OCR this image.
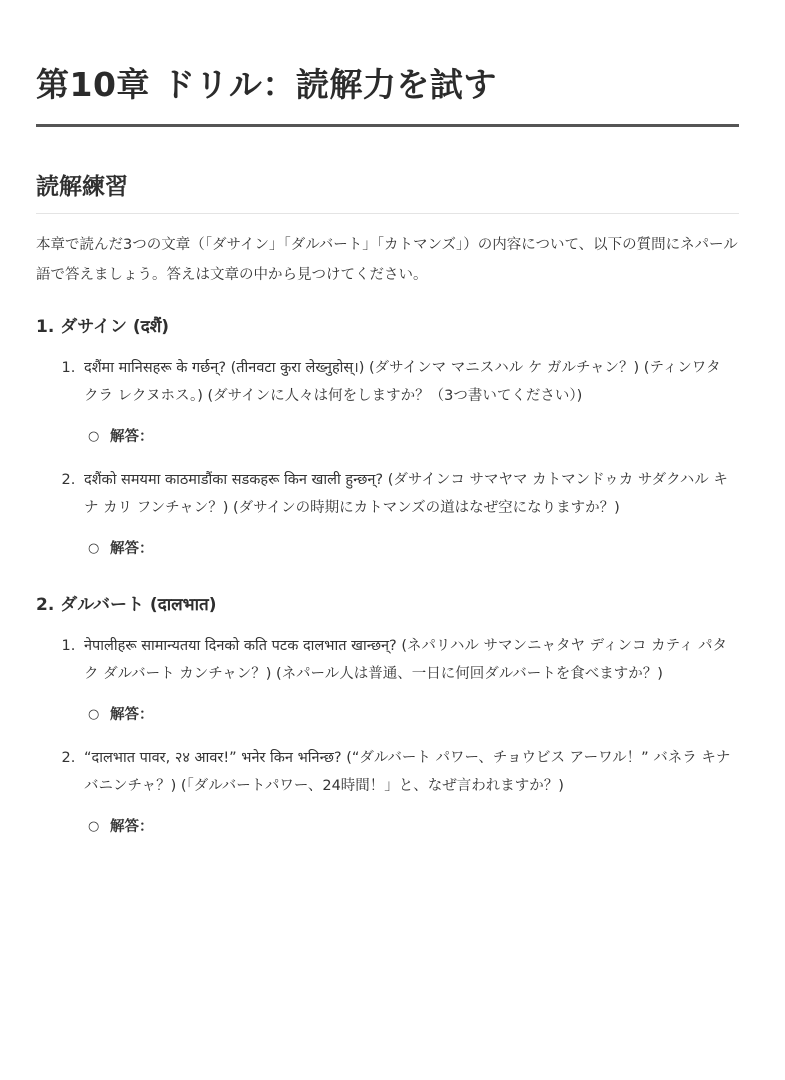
第10章 ドリル：読解力を試す
読解練習

本章で読んだ3つの文章（「ダサイン」「ダルバート」「カトマンズ」）の内容について、以下の質問にネパール語で答えましょう。答えは文章の中から見つけてください。

1. ダサイン (दशैं)
1. दशैंमा मानिसहरू के गर्छन्? (तीनवटा कुरा लेख्नुहोस्।) (ダサインマ マニスハル ケ ガルチャン？) (ティンワタ クラ レクヌホス。) (ダサインに人々は何をしますか？（3つ書いてください）)
○ 解答：
2. दशैंको समयमा काठमाडौंका सडकहरू किन खाली हुन्छन्? (ダサインコ サマヤマ カトマンドゥカ サダクハル キナ カリ フンチャン？) (ダサインの時期にカトマンズの道はなぜ空になりますか？)
○ 解答：
2. ダルバート (दालभात)
1. नेपालीहरू सामान्यतया दिनको कति पटक दालभात खान्छन्? (ネパリハル サマンニャタヤ ディンコ カティ パタク ダルバート カンチャン？) (ネパール人は普通、一日に何回ダルバートを食べますか？)
○ 解答：
2. “दालभात पावर, २४ आवर!” भनेर किन भनिन्छ? (“ダルバート パワー、チョウビス アーワル！” バネラ キナ バニンチャ？) (「ダルバートパワー、24時間！」と、なぜ言われますか？)
○ 解答：
